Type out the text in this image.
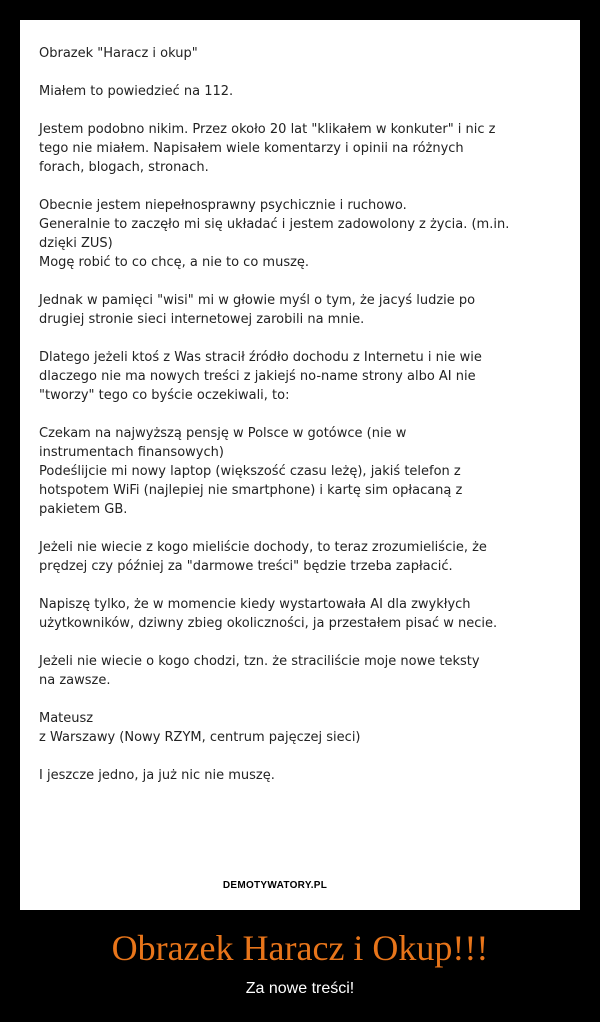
Obrazek "Haracz i okup"
Miałem to powiedzieć na 112.
Jestem podobno nikim. Przez około 20 lat "klikałem w konkuter" i nic z
tego nie miałem. Napisałem wiele komentarzy i opinii na różnych
forach, blogach, stronach.
Obecnie jestem niepełnosprawny psychicznie i ruchowo.
Generalnie to zaczęło mi się układać i jestem zadowolony z życia. (m.in.
dzięki ZUS)
Mogę robić to co chcę, a nie to co muszę.
Jednak w pamięci "wisi" mi w głowie myśl o tym, że jacyś ludzie po
drugiej stronie sieci internetowej zarobili na mnie.
Dlatego jeżeli ktoś z Was stracił źródło dochodu z Internetu i nie wie
dlaczego nie ma nowych treści z jakiejś no-name strony albo AI nie
"tworzy" tego co byście oczekiwali, to:
Czekam na najwyższą pensję w Polsce w gotówce (nie w
instrumentach finansowych)
Podeślijcie mi nowy laptop (większość czasu leżę), jakiś telefon z
hotspotem WiFi (najlepiej nie smartphone) i kartę sim opłacaną z
pakietem GB.
Jeżeli nie wiecie z kogo mieliście dochody, to teraz zrozumieliście, że
prędzej czy później za "darmowe treści" będzie trzeba zapłacić.
Napiszę tylko, że w momencie kiedy wystartowała AI dla zwykłych
użytkowników, dziwny zbieg okoliczności, ja przestałem pisać w necie.
Jeżeli nie wiecie o kogo chodzi, tzn. że straciliście moje nowe teksty
na zawsze.
Mateusz
z Warszawy (Nowy RZYM, centrum pajęczej sieci)
I jeszcze jedno, ja już nic nie muszę.
DEMOTYWATORY.PL
Obrazek Haracz i Okup!!!
Za nowe treści!
